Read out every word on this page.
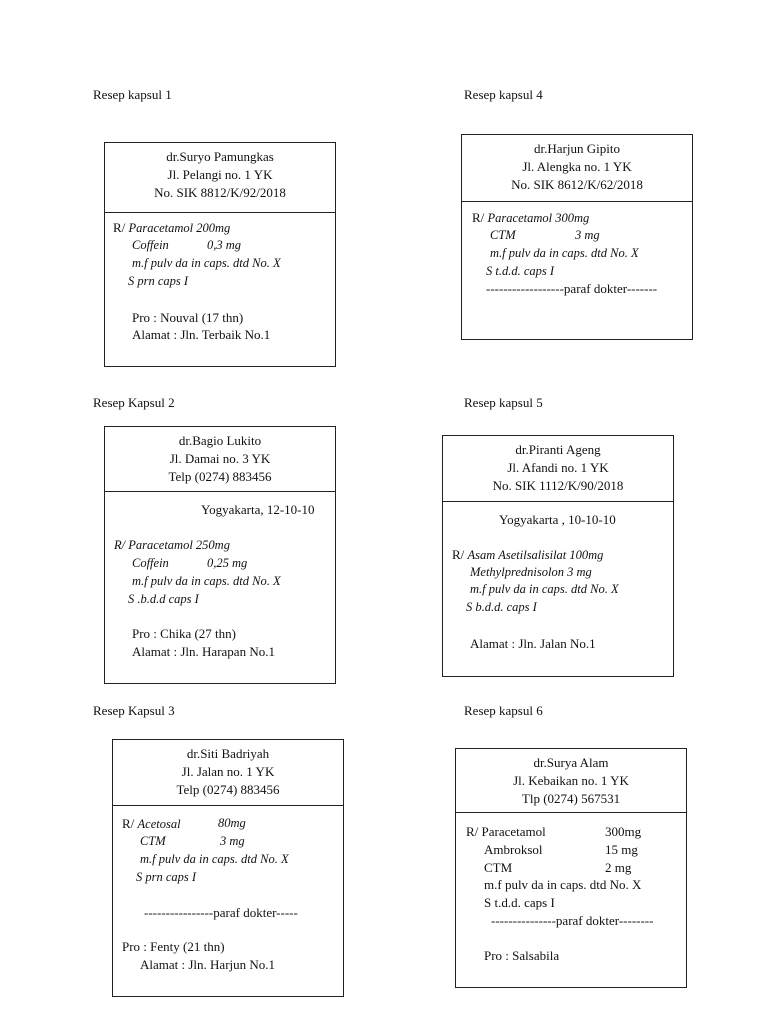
Resep kapsul 1	Resep kapsul 4
Resep Kapsul 2	Resep kapsul 5
Resep Kapsul 3	Resep kapsul 6
dr.Suryo Pamungkas
Jl. Pelangi no. 1 YK
No. SIK 8812/K/92/2018
R/ Paracetamol 200mg
Coffein	0,3 mg
m.f pulv da in caps. dtd No. X
S prn caps I
Pro : Nouval (17 thn)
Alamat : Jln. Terbaik No.1
dr.Harjun Gipito
Jl. Alengka no. 1 YK
No. SIK 8612/K/62/2018
R/ Paracetamol 300mg
CTM	3 mg
m.f pulv da in caps. dtd No. X
S t.d.d. caps I
------------------paraf dokter-------
dr.Bagio Lukito
Jl. Damai no. 3 YK
Telp (0274) 883456
Yogyakarta, 12-10-10
R/ Paracetamol 250mg
Coffein	0,25 mg
m.f pulv da in caps. dtd No. X
S .b.d.d caps I
Pro : Chika (27 thn)
Alamat : Jln. Harapan No.1
dr.Piranti Ageng
Jl. Afandi no. 1 YK
No. SIK 1112/K/90/2018
Yogyakarta , 10-10-10
R/ Asam Asetilsalisilat 100mg
Methylprednisolon 3 mg
m.f pulv da in caps. dtd No. X
S b.d.d. caps I
Alamat : Jln. Jalan No.1
dr.Siti Badriyah
Jl. Jalan no. 1 YK
Telp (0274) 883456
R/ Acetosal	80mg
CTM	3 mg
m.f pulv da in caps. dtd No. X
S prn caps I
----------------paraf dokter-----
Pro : Fenty (21 thn)
Alamat : Jln. Harjun No.1
dr.Surya Alam
Jl. Kebaikan no. 1 YK
Tlp (0274) 567531
R/ Paracetamol	300mg
Ambroksol	15 mg
CTM	2 mg
m.f pulv da in caps. dtd No. X
S t.d.d. caps I
---------------paraf dokter--------
Pro : Salsabila
